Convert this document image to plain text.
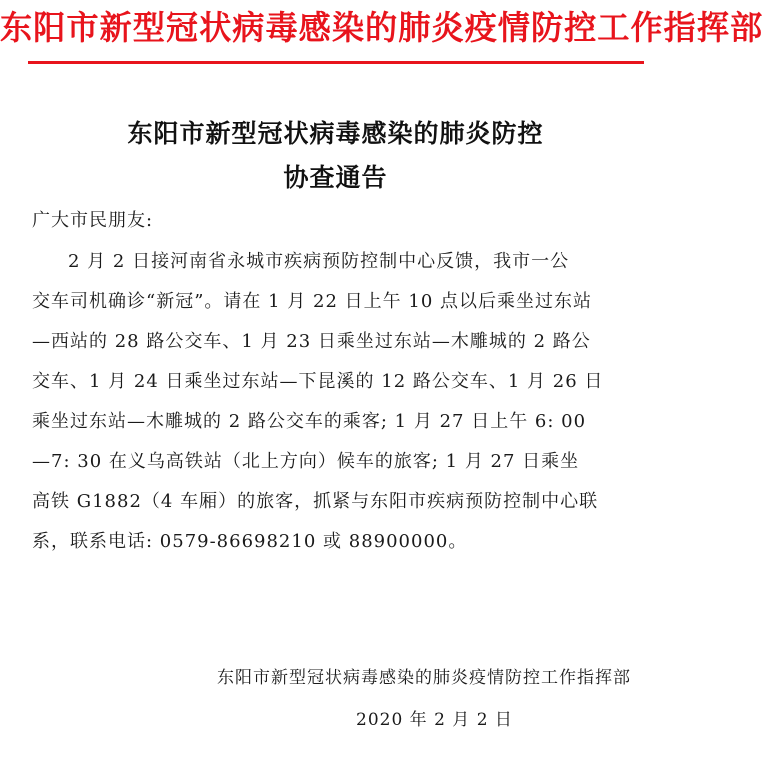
东阳市新型冠状病毒感染的肺炎疫情防控工作指挥部
东阳市新型冠状病毒感染的肺炎防控
协查通告
广大市民朋友:
2 月 2 日接河南省永城市疾病预防控制中心反馈，我市一公
交车司机确诊“新冠”。请在 1 月 22 日上午 10 点以后乘坐过东站
—西站的 28 路公交车、1 月 23 日乘坐过东站—木雕城的 2 路公
交车、1 月 24 日乘坐过东站—下昆溪的 12 路公交车、1 月 26 日
乘坐过东站—木雕城的 2 路公交车的乘客; 1 月 27 日上午 6: 00
—7: 30 在义乌高铁站（北上方向）候车的旅客; 1 月 27 日乘坐
高铁 G1882（4 车厢）的旅客，抓紧与东阳市疾病预防控制中心联
系，联系电话: 0579-86698210 或 88900000。
东阳市新型冠状病毒感染的肺炎疫情防控工作指挥部
2020 年 2 月 2 日
